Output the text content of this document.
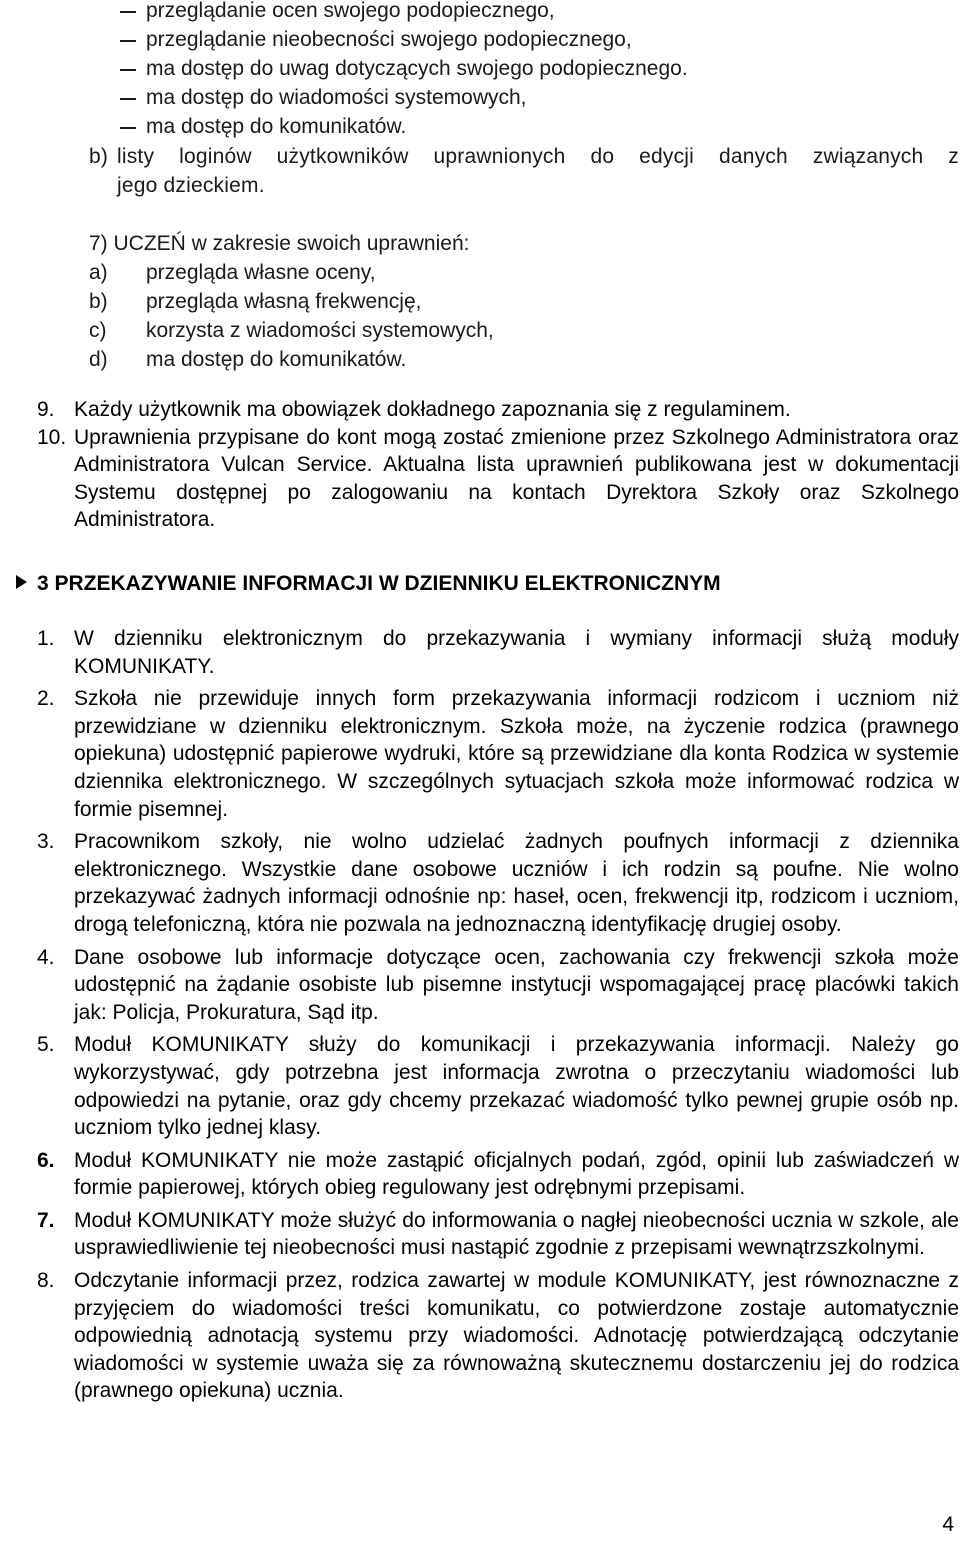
przeglądanie ocen swojego podopiecznego,
przeglądanie nieobecności swojego podopiecznego,
ma dostęp do uwag dotyczących swojego podopiecznego.
ma dostęp do wiadomości systemowych,
ma dostęp do komunikatów.
b) listy loginów użytkowników uprawnionych do edycji danych związanych z
jego dzieckiem.
7) UCZEŃ w zakresie swoich uprawnień:
a) przegląda własne oceny,
b) przegląda własną frekwencję,
c) korzysta z wiadomości systemowych,
d) ma dostęp do komunikatów.
9. Każdy użytkownik ma obowiązek dokładnego zapoznania się z regulaminem.
10. Uprawnienia przypisane do kont mogą zostać zmienione przez Szkolnego Administratora oraz Administratora Vulcan Service. Aktualna lista uprawnień publikowana jest w dokumentacji Systemu dostępnej po zalogowaniu na kontach Dyrektora Szkoły oraz Szkolnego Administratora.
3 PRZEKAZYWANIE INFORMACJI W DZIENNIKU ELEKTRONICZNYM
1. W dzienniku elektronicznym do przekazywania i wymiany informacji służą moduły KOMUNIKATY.
2. Szkoła nie przewiduje innych form przekazywania informacji rodzicom i uczniom niż przewidziane w dzienniku elektronicznym. Szkoła może, na życzenie rodzica (prawnego opiekuna) udostępnić papierowe wydruki, które są przewidziane dla konta Rodzica w systemie dziennika elektronicznego. W szczególnych sytuacjach szkoła może informować rodzica w formie pisemnej.
3. Pracownikom szkoły, nie wolno udzielać żadnych poufnych informacji z dziennika elektronicznego. Wszystkie dane osobowe uczniów i ich rodzin są poufne. Nie wolno przekazywać żadnych informacji odnośnie np: haseł, ocen, frekwencji itp, rodzicom i uczniom, drogą telefoniczną, która nie pozwala na jednoznaczną identyfikację drugiej osoby.
4. Dane osobowe lub informacje dotyczące ocen, zachowania czy frekwencji szkoła może udostępnić na żądanie osobiste lub pisemne instytucji wspomagającej pracę placówki takich jak: Policja, Prokuratura, Sąd itp.
5. Moduł KOMUNIKATY służy do komunikacji i przekazywania informacji. Należy go wykorzystywać, gdy potrzebna jest informacja zwrotna o przeczytaniu wiadomości lub odpowiedzi na pytanie, oraz gdy chcemy przekazać wiadomość tylko pewnej grupie osób np. uczniom tylko jednej klasy.
6. Moduł KOMUNIKATY nie może zastąpić oficjalnych podań, zgód, opinii lub zaświadczeń w formie papierowej, których obieg regulowany jest odrębnymi przepisami.
7. Moduł KOMUNIKATY może służyć do informowania o nagłej nieobecności ucznia w szkole, ale usprawiedliwienie tej nieobecności musi nastąpić zgodnie z przepisami wewnątrzszkolnymi.
8. Odczytanie informacji przez, rodzica zawartej w module KOMUNIKATY, jest równoznaczne z przyjęciem do wiadomości treści komunikatu, co potwierdzone zostaje automatycznie odpowiednią adnotacją systemu przy wiadomości. Adnotację potwierdzającą odczytanie wiadomości w systemie uważa się za równoważną skutecznemu dostarczeniu jej do rodzica (prawnego opiekuna) ucznia.
4
